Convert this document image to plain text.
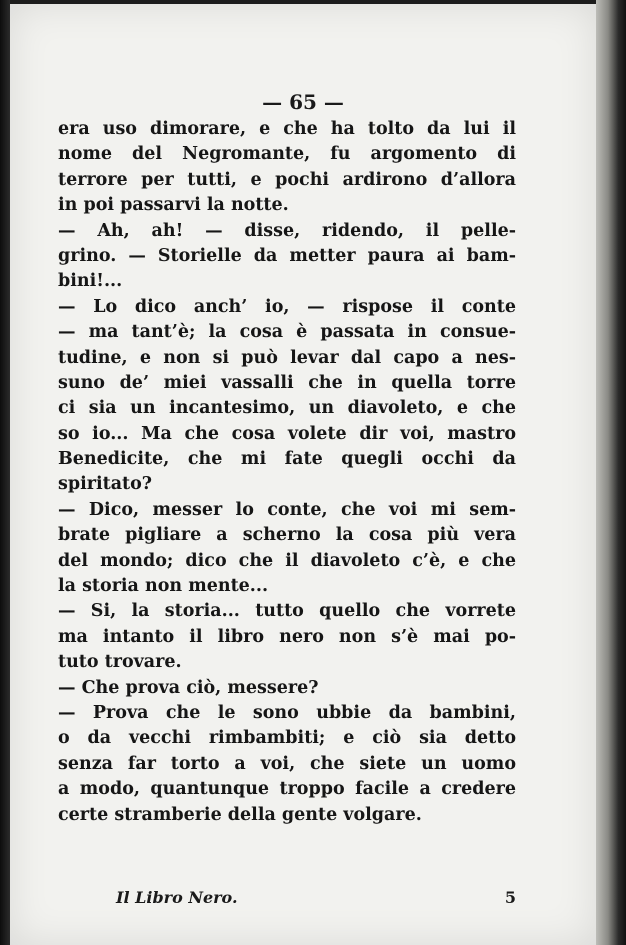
— 65 —
era uso dimorare, e che ha tolto da lui il
nome del Negromante, fu argomento di
terrore per tutti, e pochi ardirono d’allora
in poi passarvi la notte.
— Ah, ah! — disse, ridendo, il pelle-
grino. — Storielle da metter paura ai bam-
bini!...
— Lo dico anch’ io, — rispose il conte
— ma tant’è; la cosa è passata in consue-
tudine, e non si può levar dal capo a nes-
suno de’ miei vassalli che in quella torre
ci sia un incantesimo, un diavoleto, e che
so io... Ma che cosa volete dir voi, mastro
Benedicite, che mi fate quegli occhi da
spiritato?
— Dico, messer lo conte, che voi mi sem-
brate pigliare a scherno la cosa più vera
del mondo; dico che il diavoleto c’è, e che
la storia non mente...
— Si, la storia... tutto quello che vorrete
ma intanto il libro nero non s’è mai po-
tuto trovare.
— Che prova ciò, messere?
— Prova che le sono ubbie da bambini,
o da vecchi rimbambiti; e ciò sia detto
senza far torto a voi, che siete un uomo
a modo, quantunque troppo facile a credere
certe stramberie della gente volgare.
Il Libro Nero.	5
